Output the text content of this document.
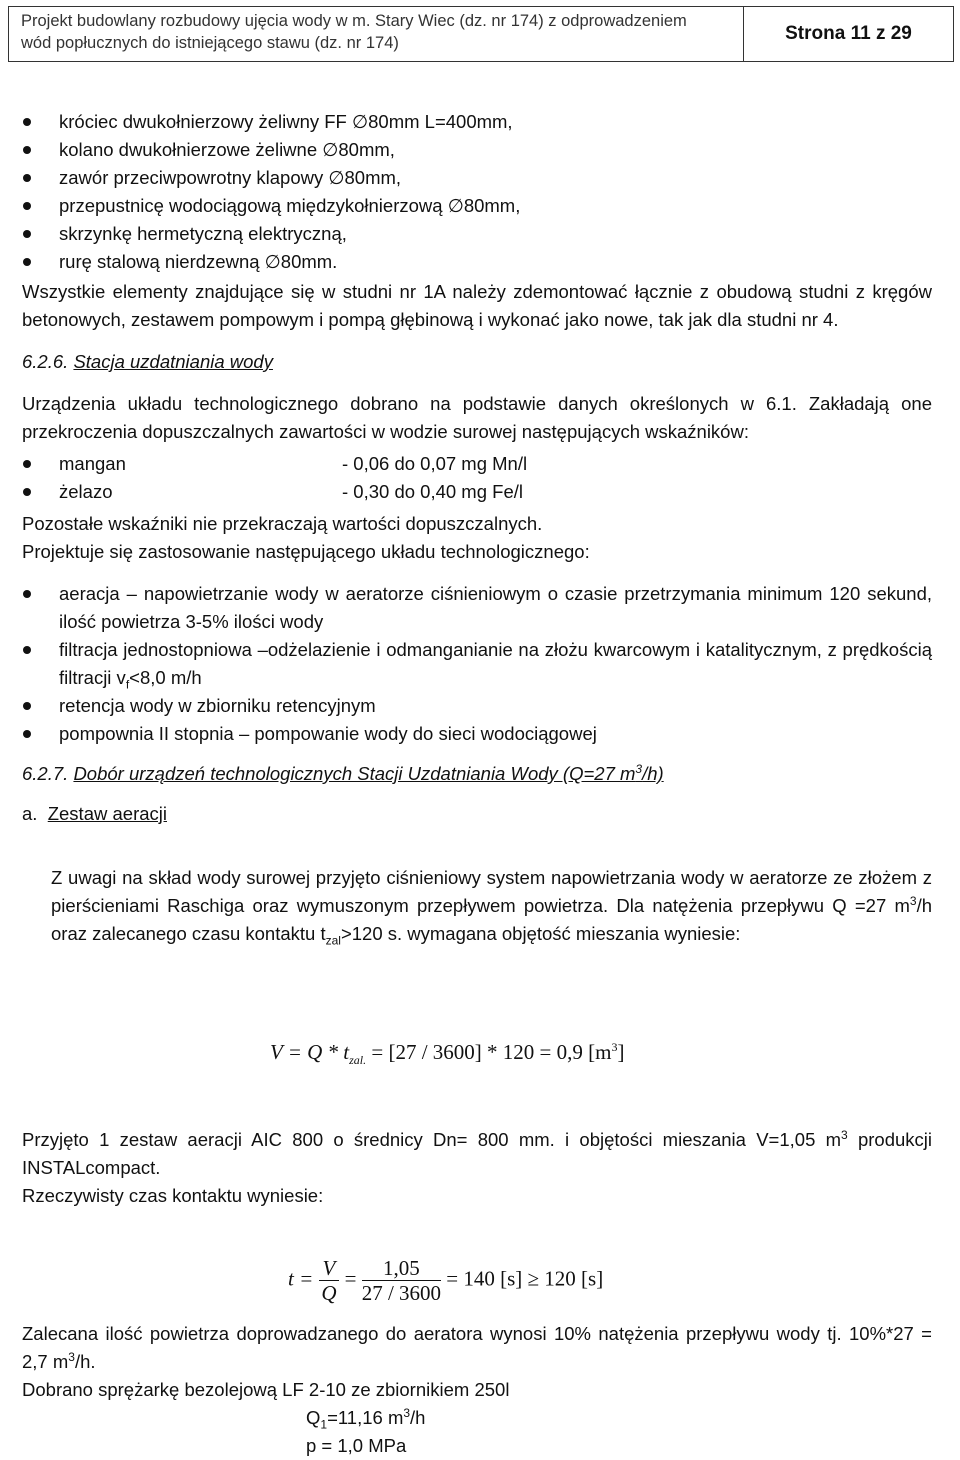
Projekt budowlany rozbudowy ujęcia wody w m. Stary Wiec (dz. nr 174) z odprowadzeniem
wód popłucznych do istniejącego stawu (dz. nr 174)	Strona 11 z 29
króciec dwukołnierzowy żeliwny FF ∅80mm L=400mm,
kolano dwukołnierzowe żeliwne ∅80mm,
zawór przeciwpowrotny klapowy ∅80mm,
przepustnicę wodociągową międzykołnierzową ∅80mm,
skrzynkę hermetyczną elektryczną,
rurę stalową nierdzewną ∅80mm.
Wszystkie elementy znajdujące się w studni nr 1A należy zdemontować łącznie z obudową studni z kręgów betonowych, zestawem pompowym i pompą głębinową i wykonać jako nowe, tak jak dla studni nr 4.
6.2.6. Stacja uzdatniania wody
Urządzenia układu technologicznego dobrano na podstawie danych określonych w 6.1. Zakładają one przekroczenia dopuszczalnych zawartości w wodzie surowej następujących wskaźników:
mangan	- 0,06 do 0,07 mg Mn/l
żelazo	- 0,30 do 0,40 mg Fe/l
Pozostałe wskaźniki nie przekraczają wartości dopuszczalnych.
Projektuje się zastosowanie następującego układu technologicznego:
aeracja – napowietrzanie wody w aeratorze ciśnieniowym o czasie przetrzymania minimum 120 sekund, ilość powietrza 3-5% ilości wody
filtracja jednostopniowa –odżelazienie i odmanganianie na złożu kwarcowym i katalitycznym, z prędkością filtracji $v_f<8,0$ m/h
retencja wody w zbiorniku retencyjnym
pompownia II stopnia – pompowanie wody do sieci wodociągowej
6.2.7. Dobór urządzeń technologicznych Stacji Uzdatniania Wody (Q=27 $m^3/h$)
a. Zestaw aeracji
Z uwagi na skład wody surowej przyjęto ciśnieniowy system napowietrzania wody w aeratorze ze złożem z pierścieniami Raschiga oraz wymuszonym przepływem powietrza. Dla natężenia przepływu Q =27 $m^3/h$ oraz zalecanego czasu kontaktu $t_{zal}>120$ s. wymagana objętość mieszania wyniesie:
$V = Q * t_{zal.} = [27 / 3600] * 120 = 0,9$ $[m^3]$
Przyjęto 1 zestaw aeracji AIC 800 o średnicy Dn= 800 mm. i objętości mieszania V=1,05 $m^3$ produkcji INSTALcompact.
Rzeczywisty czas kontaktu wyniesie:
$t = \frac{V}{Q} = \frac{1,05}{27 / 3600} = 140$ [s] ≥ 120 [s]
Zalecana ilość powietrza doprowadzanego do aeratora wynosi 10% natężenia przepływu wody tj. 10%*27 = 2,7 $m^3/h$.
Dobrano sprężarkę bezolejową LF 2-10 ze zbiornikiem 250l
$Q_1=11,16$ $m^3/h$
p = 1,0 MPa
